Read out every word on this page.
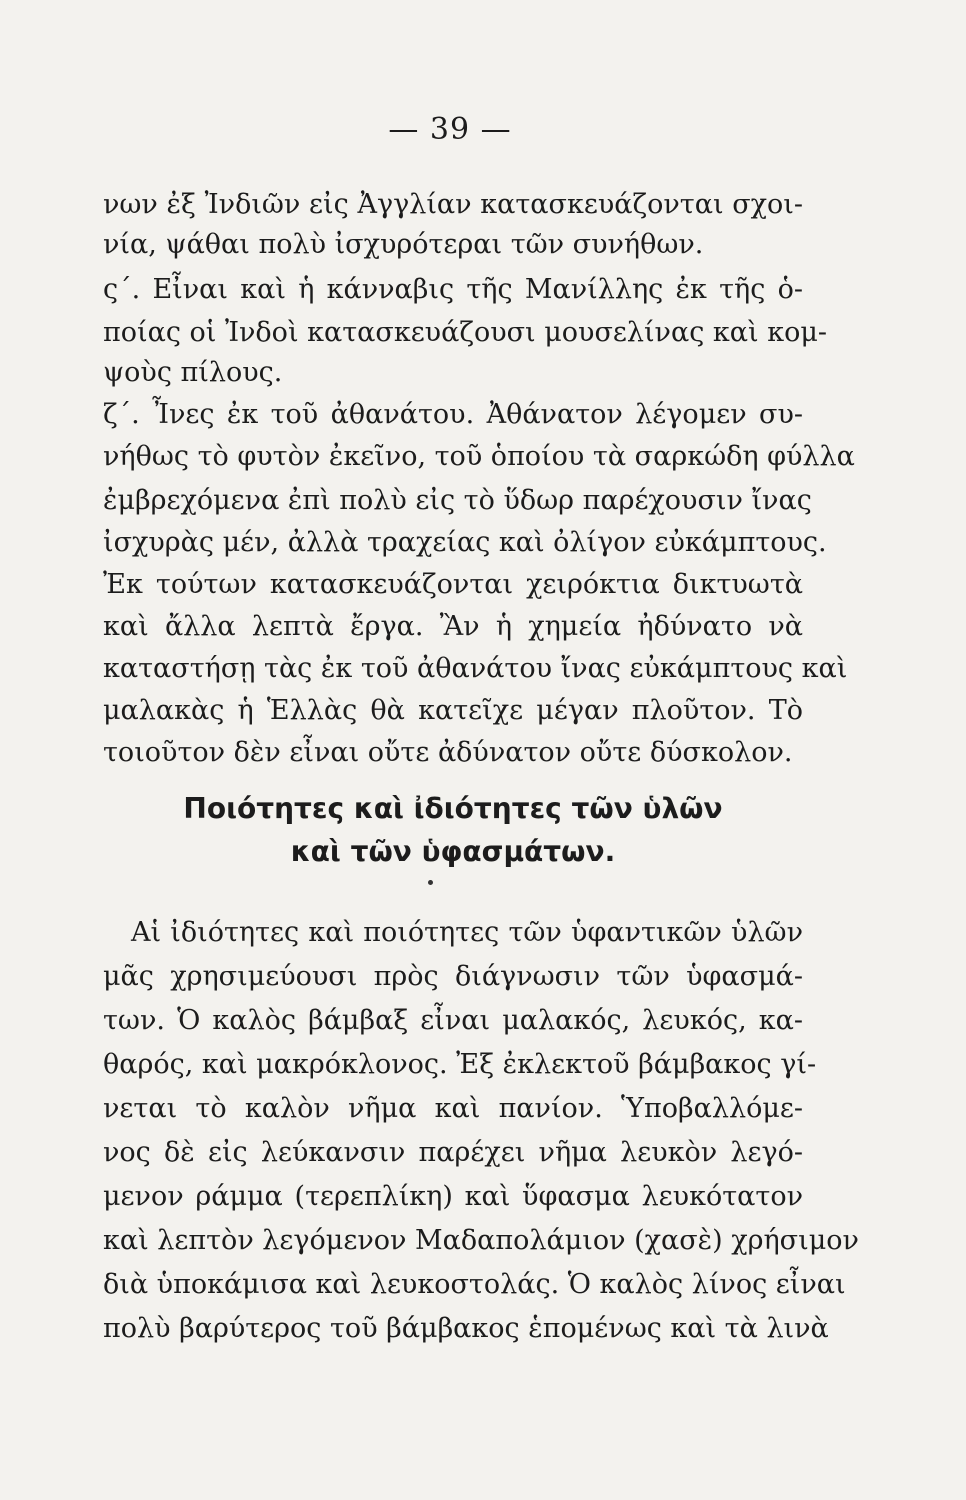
— 39 —
νων ἐξ Ἰνδιῶν εἰς Ἀγγλίαν κατασκευάζονται σχοι-
νία, ψάθαι πολὺ ἰσχυρότεραι τῶν συνήθων.
ς΄. Εἶναι καὶ ἡ κάνναβις τῆς Μανίλλης ἐκ τῆς ὁ-
ποίας οἱ Ἰνδοὶ κατασκευάζουσι μουσελίνας καὶ κομ-
ψοὺς πίλους.
ζ΄. Ἶνες ἐκ τοῦ ἀθανάτου. Ἀθάνατον λέγομεν συ-
νήθως τὸ φυτὸν ἐκεῖνο, τοῦ ὁποίου τὰ σαρκώδη φύλλα
ἐμβρεχόμενα ἐπὶ πολὺ εἰς τὸ ὕδωρ παρέχουσιν ἴνας
ἰσχυρὰς μέν, ἀλλὰ τραχείας καὶ ὀλίγον εὐκάμπτους.
Ἐκ τούτων κατασκευάζονται χειρόκτια δικτυωτὰ
καὶ ἄλλα λεπτὰ ἔργα. Ἂν ἡ χημεία ἠδύνατο νὰ
καταστήσῃ τὰς ἐκ τοῦ ἀθανάτου ἴνας εὐκάμπτους καὶ
μαλακὰς ἡ Ἑλλὰς θὰ κατεῖχε μέγαν πλοῦτον. Τὸ
τοιοῦτον δὲν εἶναι οὔτε ἀδύνατον οὔτε δύσκολον.
Ποιότητες καὶ ἰδιότητες τῶν ὑλῶν
καὶ τῶν ὑφασμάτων.
Αἱ ἰδιότητες καὶ ποιότητες τῶν ὑφαντικῶν ὑλῶν
μᾶς χρησιμεύουσι πρὸς διάγνωσιν τῶν ὑφασμά-
των. Ὁ καλὸς βάμβαξ εἶναι μαλακός, λευκός, κα-
θαρός, καὶ μακρόκλονος. Ἐξ ἐκλεκτοῦ βάμβακος γί-
νεται τὸ καλὸν νῆμα καὶ πανίον. Ὑποβαλλόμε-
νος δὲ εἰς λεύκανσιν παρέχει νῆμα λευκὸν λεγό-
μενον ράμμα (τερεπλίκη) καὶ ὕφασμα λευκότατον
καὶ λεπτὸν λεγόμενον Μαδαπολάμιον (χασὲ) χρήσιμον
διὰ ὑποκάμισα καὶ λευκοστολάς. Ὁ καλὸς λίνος εἶναι
πολὺ βαρύτερος τοῦ βάμβακος ἑπομένως καὶ τὰ λινὰ
